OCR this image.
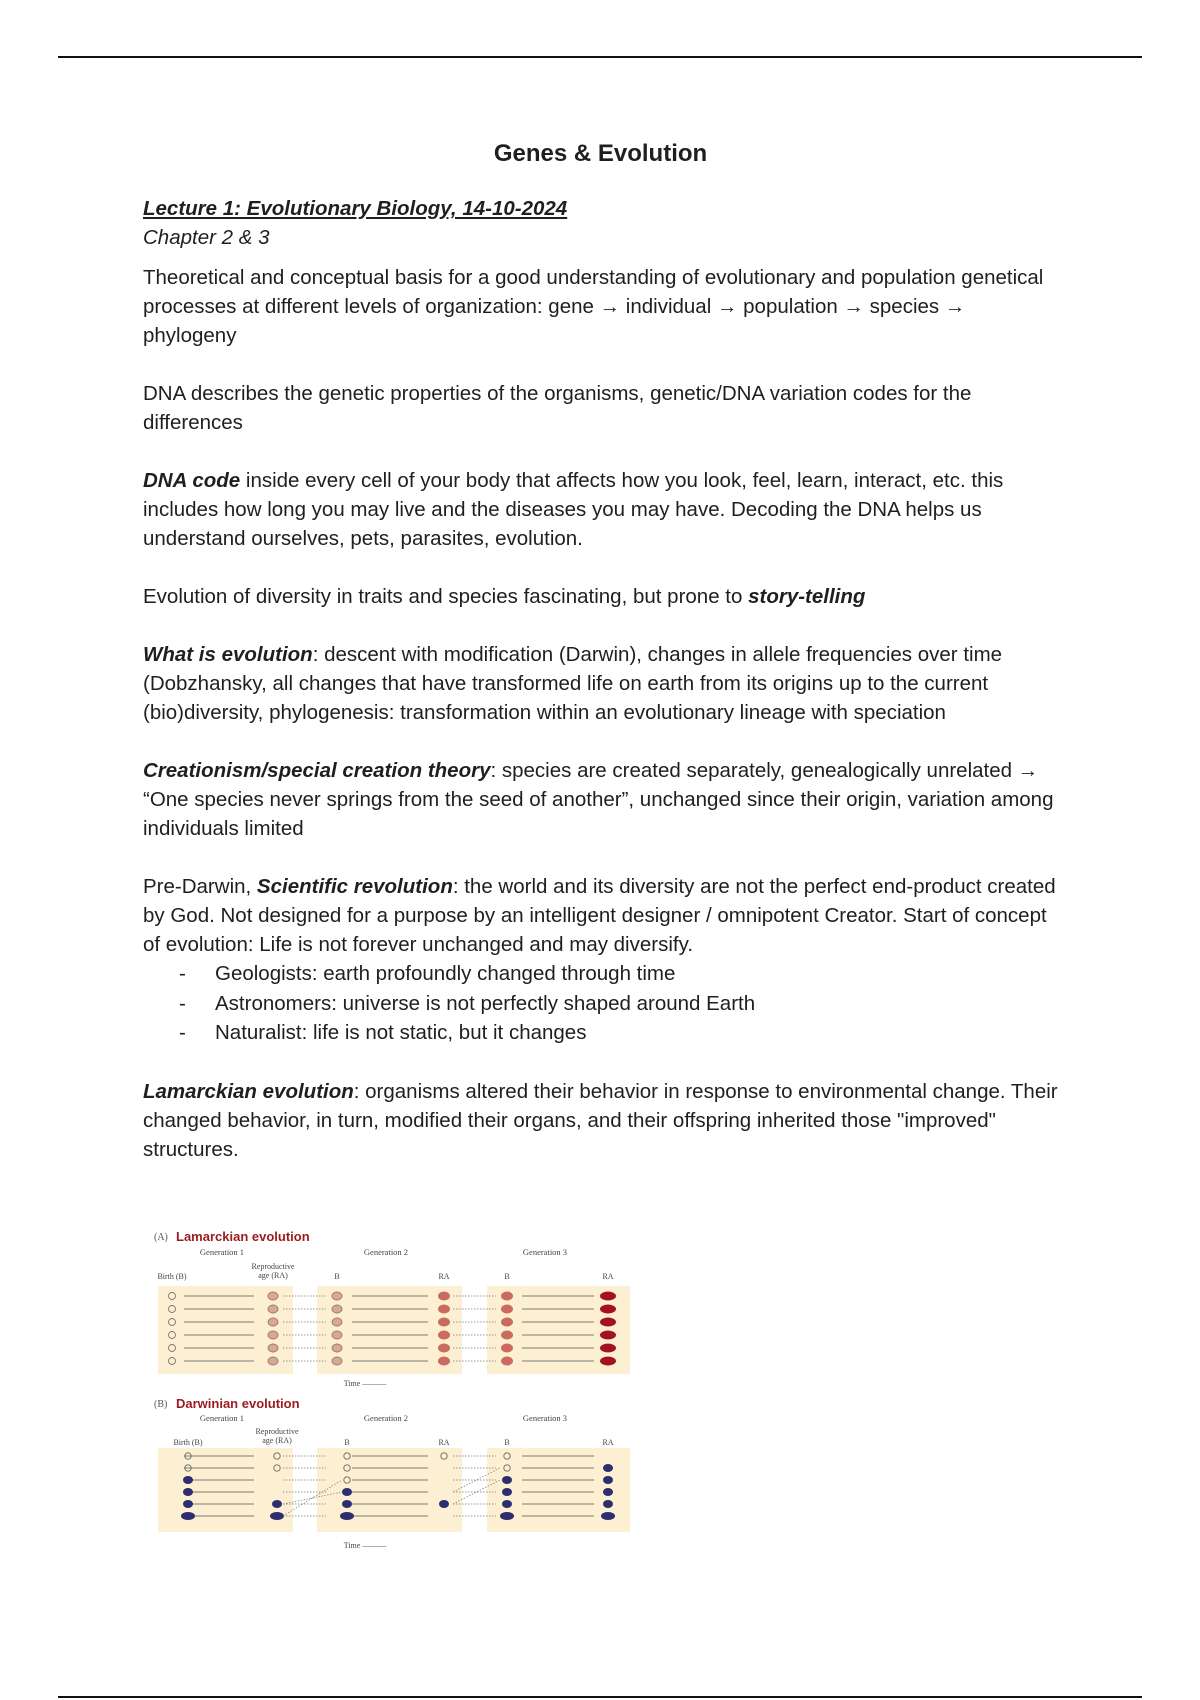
Genes & Evolution

Lecture 1: Evolutionary Biology, 14-10-2024

Chapter 2 & 3

Theoretical and conceptual basis for a good understanding of evolutionary and population genetical processes at different levels of organization: gene → individual → population → species → phylogeny

DNA describes the genetic properties of the organisms, genetic/DNA variation codes for the differences

DNA code inside every cell of your body that affects how you look, feel, learn, interact, etc. this includes how long you may live and the diseases you may have. Decoding the DNA helps us understand ourselves, pets, parasites, evolution.

Evolution of diversity in traits and species fascinating, but prone to story-telling

What is evolution: descent with modification (Darwin), changes in allele frequencies over time (Dobzhansky, all changes that have transformed life on earth from its origins up to the current (bio)diversity, phylogenesis: transformation within an evolutionary lineage with speciation

Creationism/special creation theory: species are created separately, genealogically unrelated → “One species never springs from the seed of another”, unchanged since their origin, variation among individuals limited

Pre-Darwin, Scientific revolution: the world and its diversity are not the perfect end-product created by God. Not designed for a purpose by an intelligent designer / omnipotent Creator. Start of concept of evolution: Life is not forever unchanged and may diversify.

- Geologists: earth profoundly changed through time
- Astronomers: universe is not perfectly shaped around Earth
- Naturalist: life is not static, but it changes

Lamarckian evolution: organisms altered their behavior in response to environmental change. Their changed behavior, in turn, modified their organs, and their offspring inherited those "improved" structures.

(A) Lamarckian evolution
Generation 1	Generation 2	Generation 3
Birth (B)
Reproductive
age (RA)	B	RA	B	RA
Time ———
(B) Darwinian evolution
Generation 1	Generation 2	Generation 3
Birth (B)
Reproductive
age (RA)	B	RA	B	RA
Time ———
